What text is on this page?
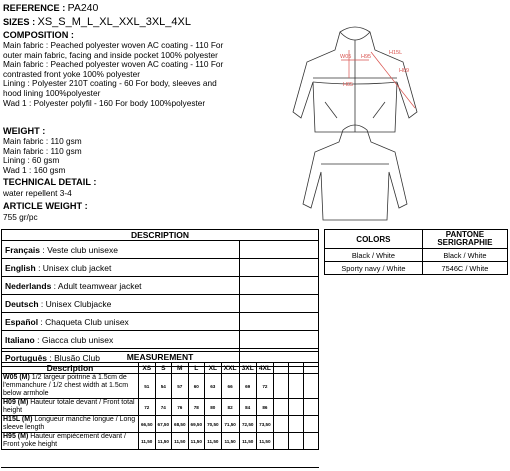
REFERENCE : PA240
SIZES : XS_S_M_L_XL_XXL_3XL_4XL
COMPOSITION :
Main fabric : Peached polyester woven AC coating - 110 For
outer main fabric, facing and inside pocket 100% polyester
Main fabric : Peached polyester woven AC coating - 110 For
contrasted front yoke 100% polyester
Lining : Polyester 210T coating - 60 For body, sleeves and
hood lining 100%polyester
Wad 1 : Polyester polyfil - 160 For body 100%polyester
WEIGHT :
Main fabric : 110 gsm
Main fabric : 110 gsm
Lining : 60 gsm
Wad 1 : 160 gsm
TECHNICAL DETAIL :
water repellent 3-4
ARTICLE WEIGHT :
755 gr/pc
H15L
W05 H95
H05
H09
DESCRIPTION	
Français : Veste club unisexe	
English : Unisex club jacket	
Nederlands : Adult teamwear jacket	
Deutsch : Unisex Clubjacke	
Español : Chaqueta Club unisex	
Italiano : Giacca club unisex	
Português : Blusão Club	
COLORS	PANTONE
SERIGRAPHIE

Black / White	Black / White
Sporty navy / White	7546C / White
MEASUREMENT											
Description	XS	S	M	L	XL	XXL	3XL	4XL			
W05 (M) 1/2 largeur poitrine à 1.5cm de l'emmanchure / 1/2 chest width at 1.5cm below armhole	51	54	57	60	63	66	69	72			
H09 (M) Hauteur totale devant / Front total height	72	74	76	78	80	82	84	86			
H15L (M) Longueur manche longue / Long sleeve length	66,50	67,50	68,50	69,50	70,50	71,50	72,50	73,50			
H95 (M) Hauteur empiècement devant / Front yoke height	11,50	11,50	11,50	11,50	11,50	11,50	11,50	11,50			
